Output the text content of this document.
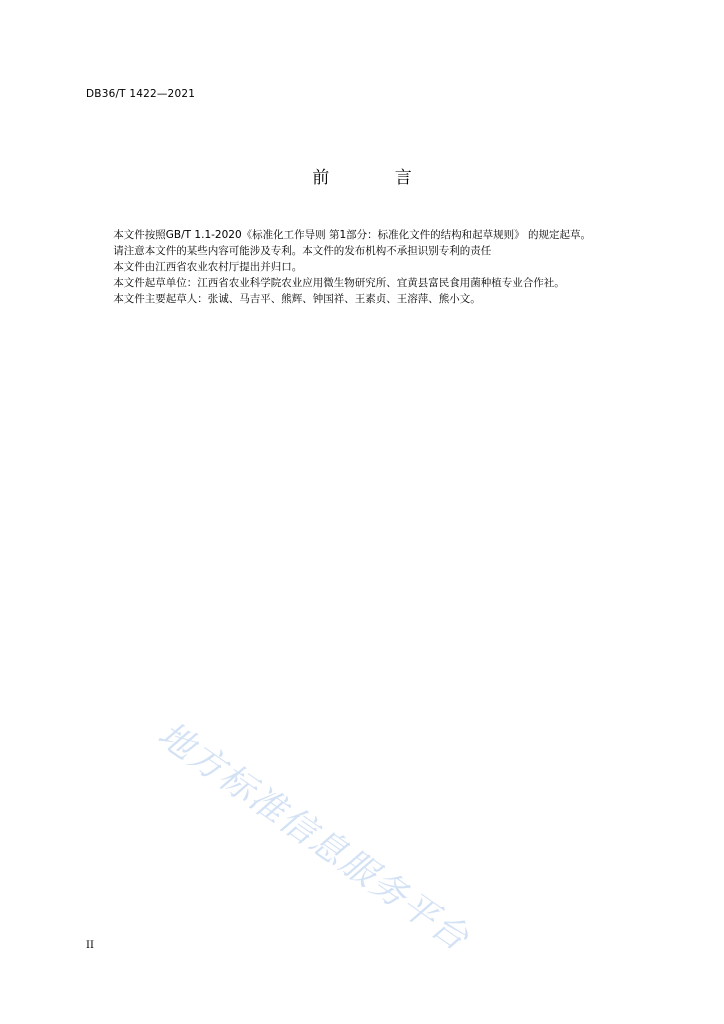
DB36/T 1422—2021
前 言

本文件按照GB/T 1.1-2020《标准化工作导则 第1部分：标准化文件的结构和起草规则》 的规定起草。

请注意本文件的某些内容可能涉及专利。本文件的发布机构不承担识别专利的责任

本文件由江西省农业农村厅提出并归口。

本文件起草单位：江西省农业科学院农业应用微生物研究所、宜黄县富民食用菌种植专业合作社。

本文件主要起草人：张诚、马吉平、熊辉、钟国祥、王素贞、王溶萍、熊小文。

地方标准信息服务平台
II
